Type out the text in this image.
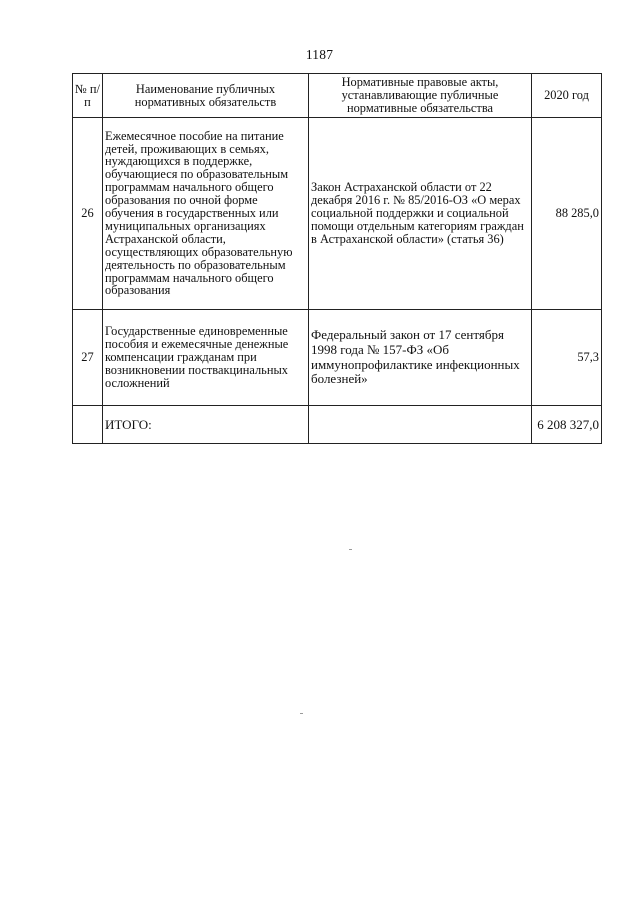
1187
№ п/п	Наименование публичных нормативных обязательств	Нормативные правовые акты, устанавливающие публичные нормативные обязательства	2020 год
26	Ежемесячное пособие на питание детей, проживающих в семьях, нуждающихся в поддержке, обучающиеся по образовательным программам начального общего образования по очной форме обучения в государственных или муниципальных организациях Астраханской области, осуществляющих образовательную деятельность по образовательным программам начального общего образования	Закон Астраханской области от 22 декабря 2016 г. № 85/2016-ОЗ «О мерах социальной поддержки и социальной помощи отдельным категориям граждан в Астраханской области» (статья 36)	88 285,0
27	Государственные единовременные пособия и ежемесячные денежные компенсации гражданам при возникновении поствакцинальных осложнений	Федеральный закон от 17 сентября 1998 года № 157-ФЗ «Об иммунопрофилактике инфекционных болезней»	57,3
	ИТОГО:		6 208 327,0
